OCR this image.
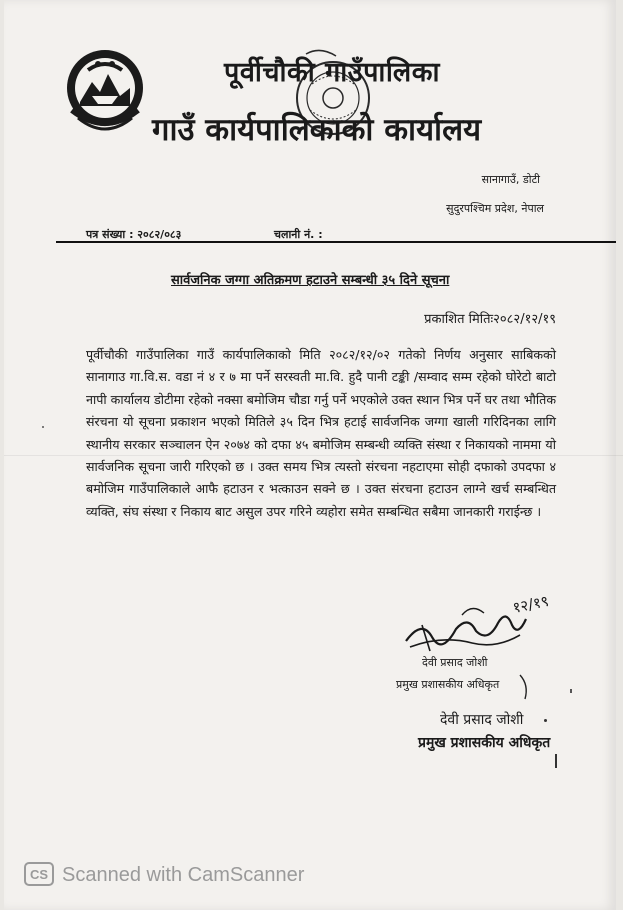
पूर्वीचौकी गाउँपालिका
गाउँ कार्यपालिकाको कार्यालय
सानागाउँ, डोटी
सुदुरपश्चिम प्रदेश, नेपाल
पत्र संख्या : २०८२/०८३	चलानी नं. :
सार्वजनिक जग्गा अतिक्रमण हटाउने सम्बन्धी ३५ दिने सूचना
प्रकाशित मितिः२०८२/१२/१९
पूर्वीचौकी गाउँपालिका गाउँ कार्यपालिकाको मिति २०८२/१२/०२ गतेको निर्णय अनुसार साबिकको सानागाउ गा.वि.स. वडा नं ४ र ७ मा पर्ने सरस्वती मा.वि. हुदै पानी टङ्की /सम्वाद सम्म रहेको घोरेटो बाटो नापी कार्यालय डोटीमा रहेको नक्सा बमोजिम चौडा गर्नु पर्ने भएकोले उक्त स्थान भित्र पर्ने घर तथा भौतिक संरचना यो सूचना प्रकाशन भएको मितिले ३५ दिन भित्र हटाई सार्वजनिक जग्गा खाली गरिदिनका लागि स्थानीय सरकार सञ्चालन ऐन २०७४ को दफा ४५ बमोजिम सम्बन्धी व्यक्ति संस्था र निकायको नाममा यो सार्वजनिक सूचना जारी गरिएको छ । उक्त समय भित्र त्यस्तो संरचना नहटाएमा सोही दफाको उपदफा ४ बमोजिम गाउँपालिकाले आफै हटाउन र भत्काउन सक्ने छ । उक्त संरचना हटाउन लाग्ने खर्च सम्बन्धित व्यक्ति, संघ संस्था र निकाय बाट असुल उपर गरिने व्यहोरा समेत सम्बन्धित सबैमा जानकारी गराईन्छ ।
१२/१९
देवी प्रसाद जोशी
प्रमुख प्रशासकीय अधिकृत
देवी प्रसाद जोशी
प्रमुख प्रशासकीय अधिकृत
CS Scanned with CamScanner
